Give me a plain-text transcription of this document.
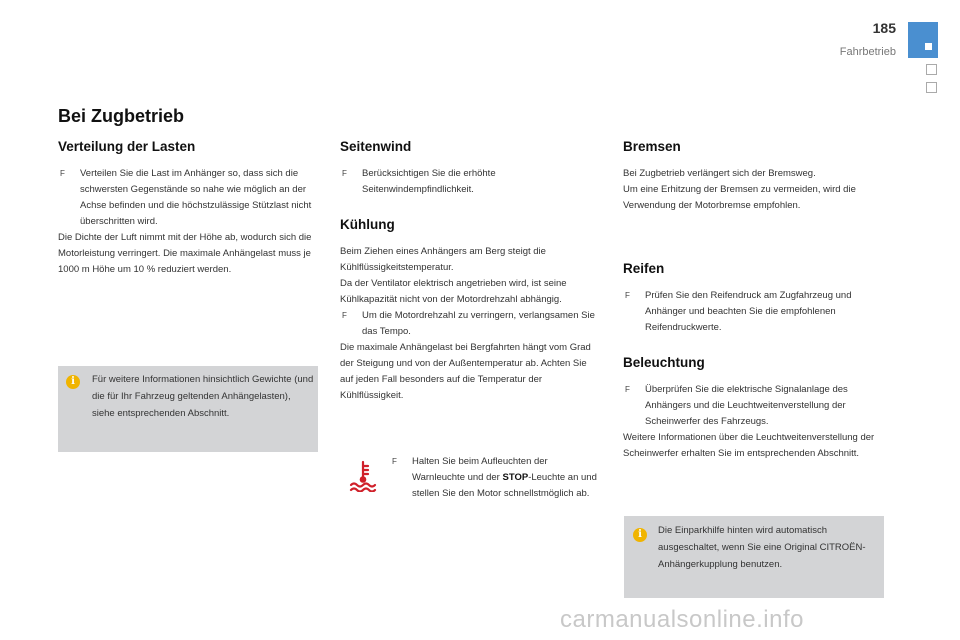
185
Fahrbetrieb
Bei Zugbetrieb
Verteilung der Lasten

F Verteilen Sie die Last im Anhänger so, dass sich die schwersten Gegenstände so nahe wie möglich an der Achse befinden und die höchstzulässige Stützlast nicht überschritten wird.

Die Dichte der Luft nimmt mit der Höhe ab, wodurch sich die Motorleistung verringert. Die maximale Anhängelast muss je 1000 m Höhe um 10 % reduziert werden.

i	Für weitere Informationen hinsichtlich Gewichte (und die für Ihr Fahrzeug geltenden Anhängelasten), siehe entsprechenden Abschnitt.

Seitenwind

F Berücksichtigen Sie die erhöhte Seitenwindempfindlichkeit.

Kühlung

Beim Ziehen eines Anhängers am Berg steigt die Kühlflüssigkeitstemperatur.

Da der Ventilator elektrisch angetrieben wird, ist seine Kühlkapazität nicht von der Motordrehzahl abhängig.

F Um die Motordrehzahl zu verringern, verlangsamen Sie das Tempo.

Die maximale Anhängelast bei Bergfahrten hängt vom Grad der Steigung und von der Außentemperatur ab. Achten Sie auf jeden Fall besonders auf die Temperatur der Kühlflüssigkeit.

F Halten Sie beim Aufleuchten der Warnleuchte und der STOP-Leuchte an und stellen Sie den Motor schnellstmöglich ab.

Bremsen

Bei Zugbetrieb verlängert sich der Bremsweg.

Um eine Erhitzung der Bremsen zu vermeiden, wird die Verwendung der Motorbremse empfohlen.

Reifen

F Prüfen Sie den Reifendruck am Zugfahrzeug und Anhänger und beachten Sie die empfohlenen Reifendruckwerte.

Beleuchtung

F Überprüfen Sie die elektrische Signalanlage des Anhängers und die Leuchtweitenverstellung der Scheinwerfer des Fahrzeugs.

Weitere Informationen über die Leuchtweitenverstellung der Scheinwerfer erhalten Sie im entsprechenden Abschnitt.

i	Die Einparkhilfe hinten wird automatisch ausgeschaltet, wenn Sie eine Original CITROËN-Anhängerkupplung benutzen.

carmanualsonline.info
